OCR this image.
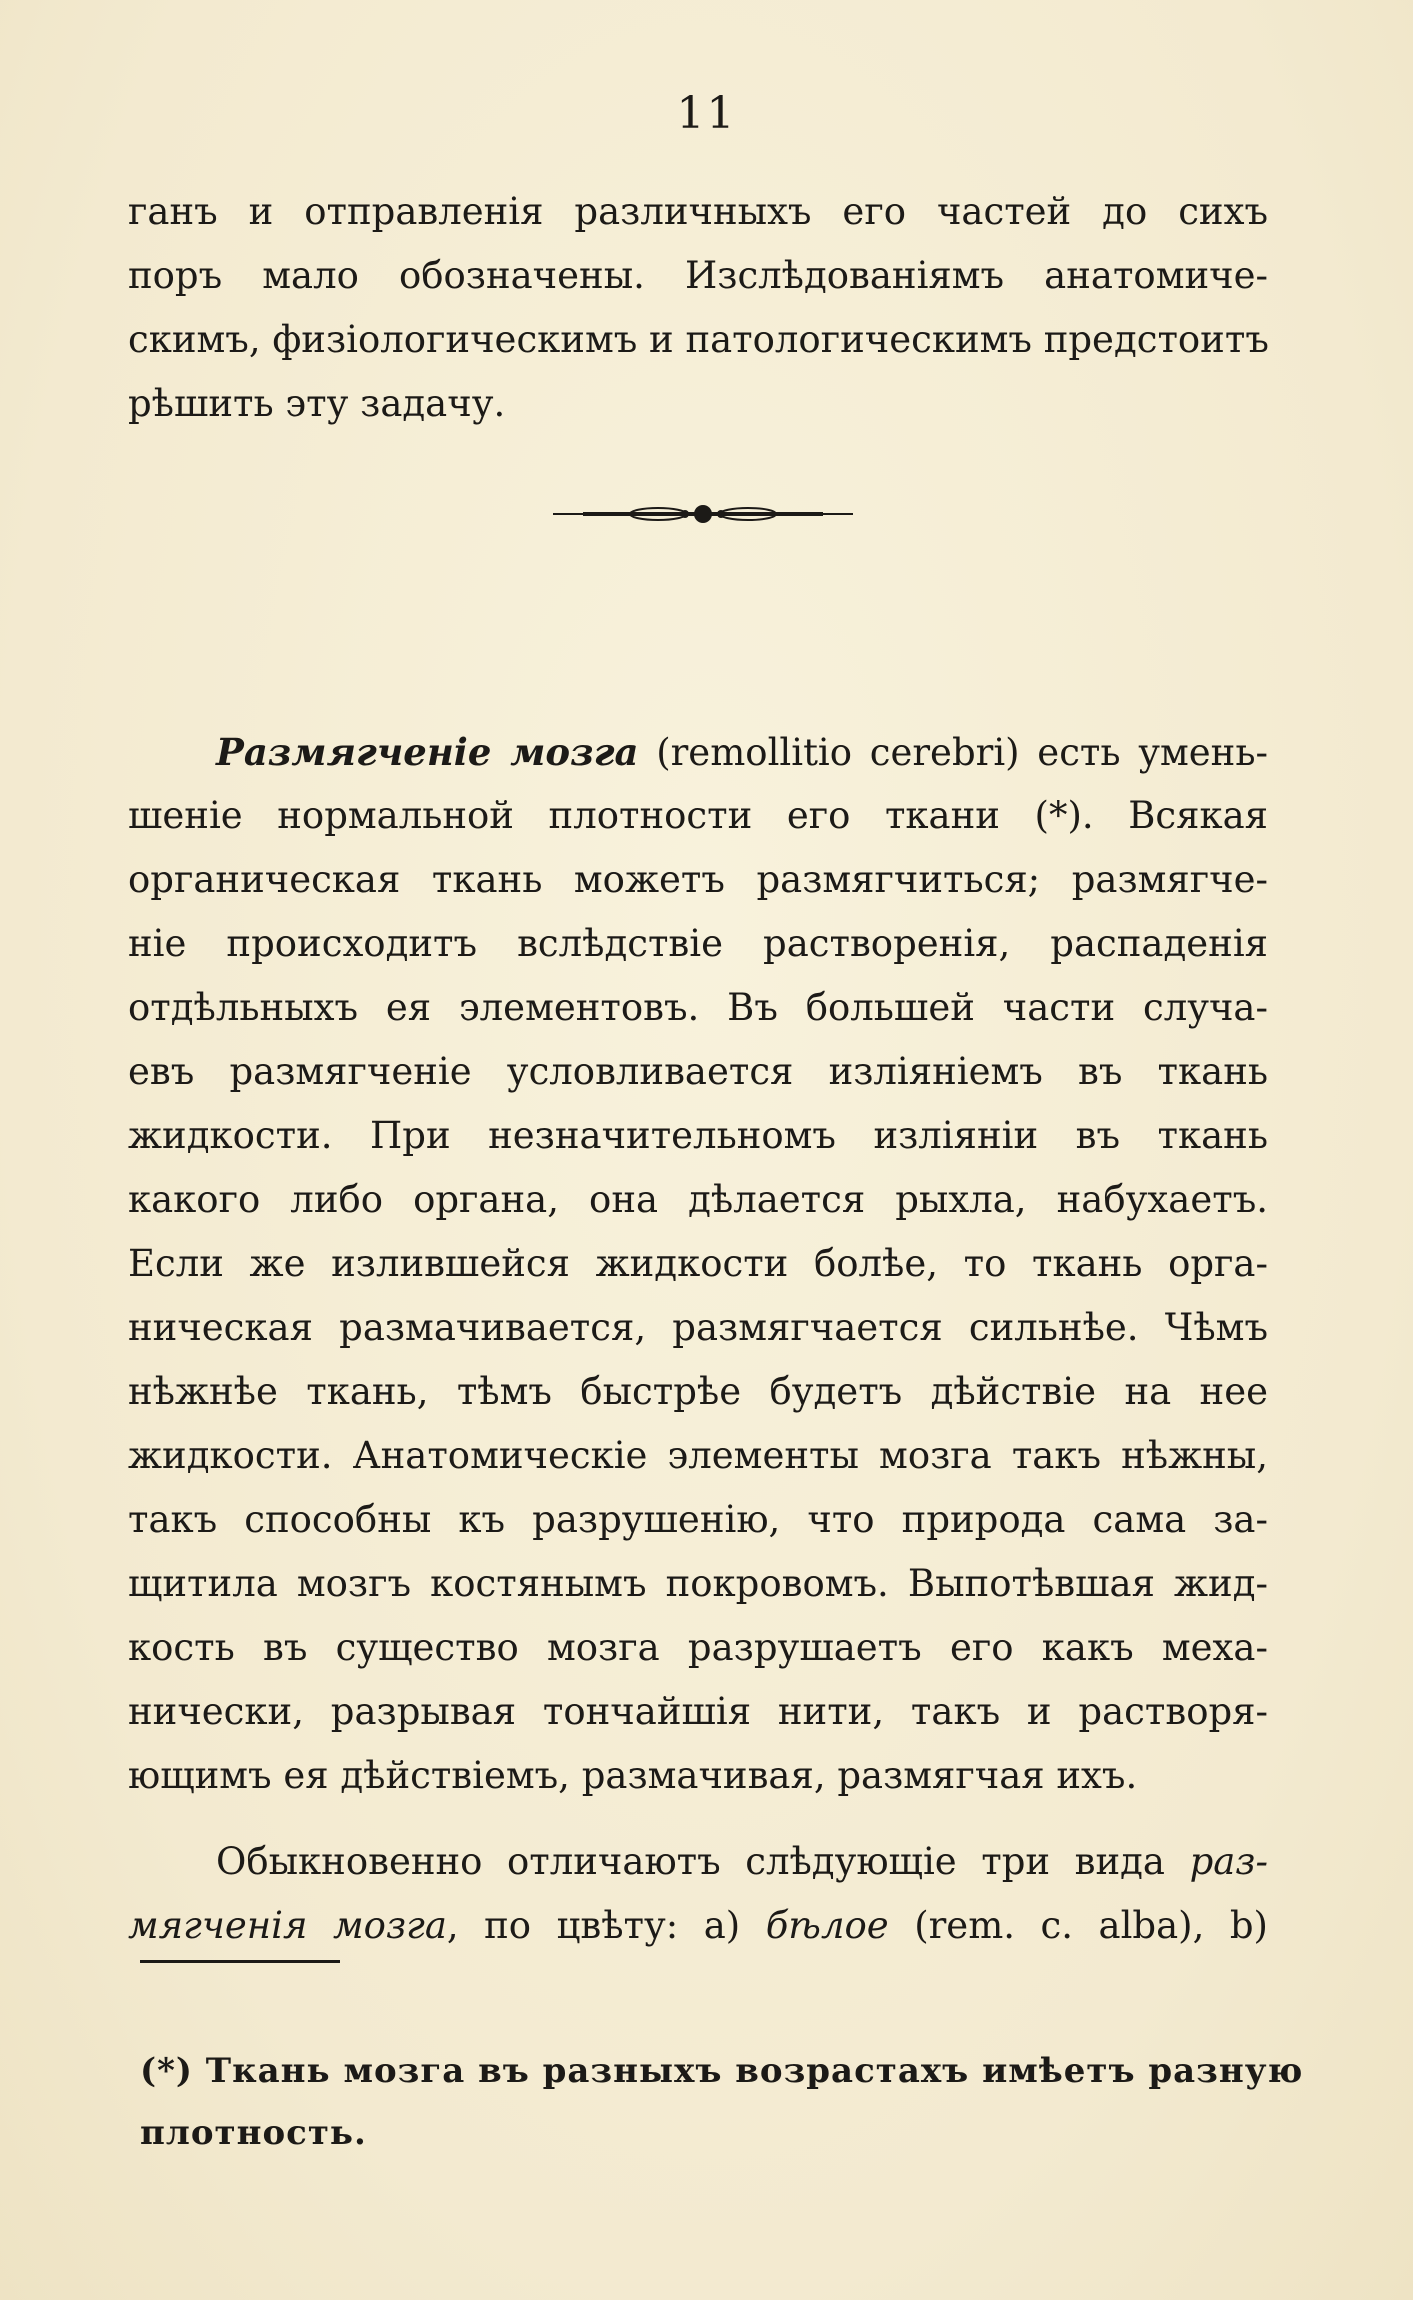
11
ганъ и отправленія различныхъ его частей до сихъ
поръ мало обозначены. Изслѣдованіямъ анатомиче-
скимъ, физіологическимъ и патологическимъ предстоитъ
рѣшить эту задачу.
Размягченіе мозга (remollitio cerebri) есть умень-
шеніе нормальной плотности его ткани (*). Всякая
органическая ткань можетъ размягчиться; размягче-
ніе происходитъ вслѣдствіе растворенія, распаденія
отдѣльныхъ ея элементовъ. Въ большей части случа-
евъ размягченіе условливается изліяніемъ въ ткань
жидкости. При незначительномъ изліяніи въ ткань
какого либо органа, она дѣлается рыхла, набухаетъ.
Если же излившейся жидкости болѣе, то ткань орга-
ническая размачивается, размягчается сильнѣе. Чѣмъ
нѣжнѣе ткань, тѣмъ быстрѣе будетъ дѣйствіе на нее
жидкости. Анатомическіе элементы мозга такъ нѣжны,
такъ способны къ разрушенію, что природа сама за-
щитила мозгъ костянымъ покровомъ. Выпотѣвшая жид-
кость въ существо мозга разрушаетъ его какъ меха-
нически, разрывая тончайшія нити, такъ и растворя-
ющимъ ея дѣйствіемъ, размачивая, размягчая ихъ.
Обыкновенно отличаютъ слѣдующіе три вида раз-
мягченія мозга, по цвѣту: a) бѣлое (rem. c. alba), b)
(*) Ткань мозга въ разныхъ возрастахъ имѣетъ разную
плотность.
